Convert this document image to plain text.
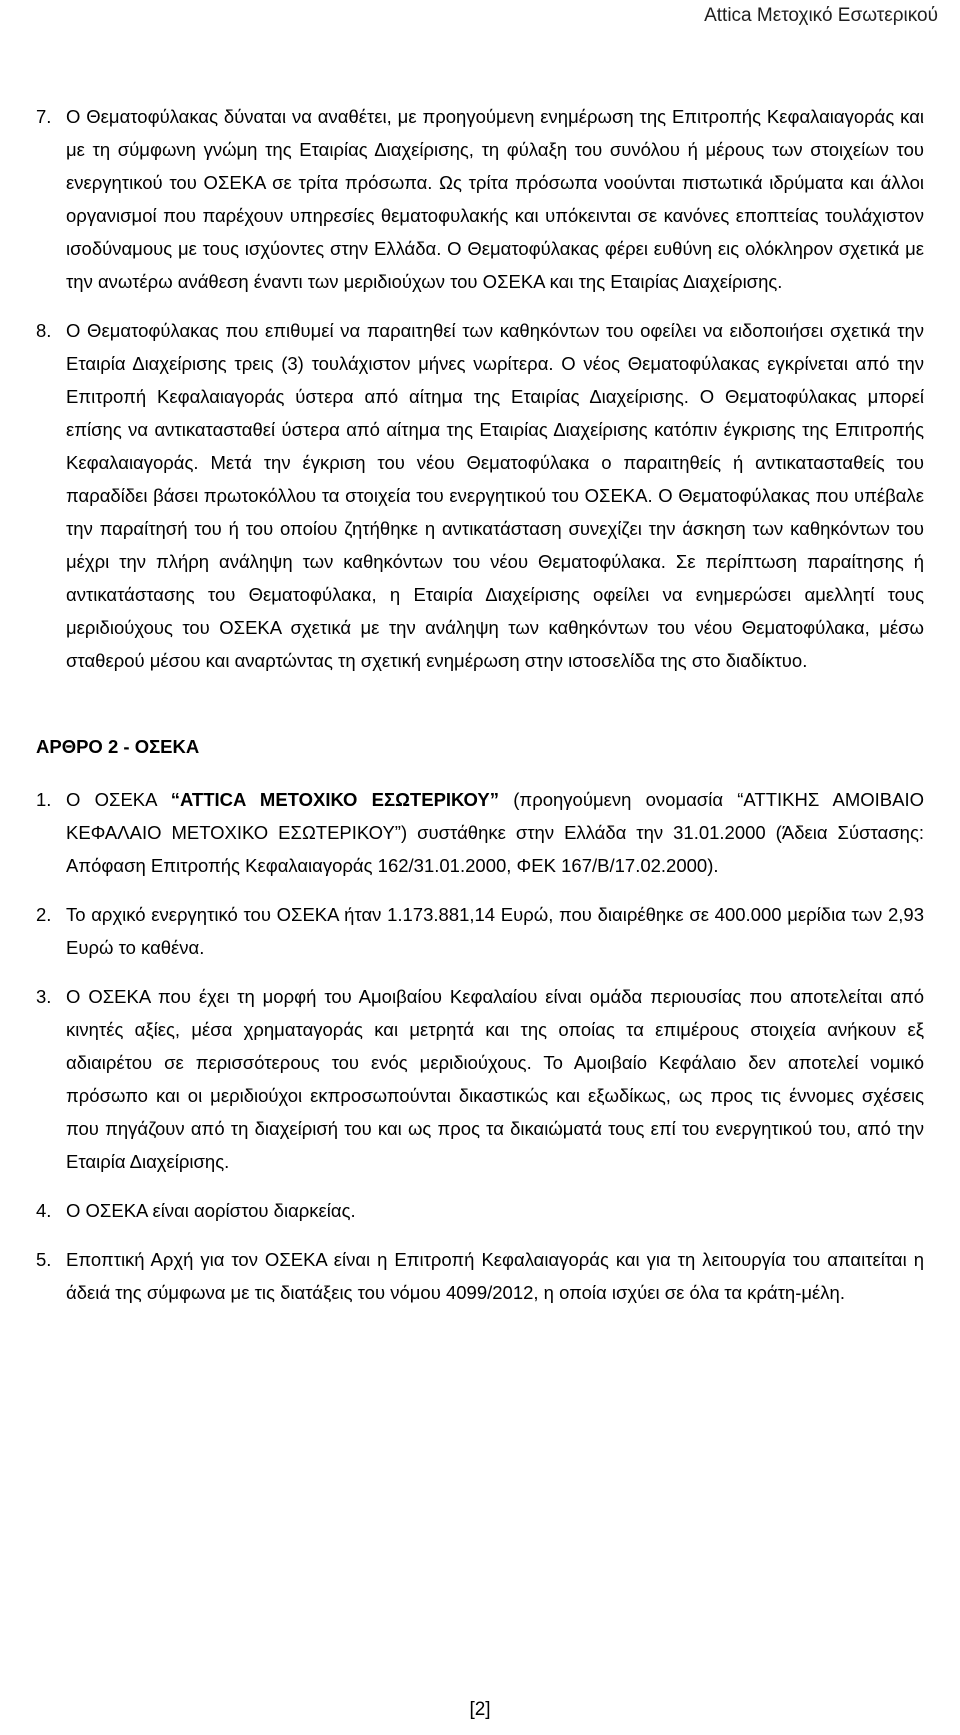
Attica Μετοχικό Εσωτερικού

7. Ο Θεματοφύλακας δύναται να αναθέτει, με προηγούμενη ενημέρωση της Επιτροπής Κεφαλαιαγοράς και με τη σύμφωνη γνώμη της Εταιρίας Διαχείρισης, τη φύλαξη του συνόλου ή μέρους των στοιχείων του ενεργητικού του ΟΣΕΚΑ σε τρίτα πρόσωπα. Ως τρίτα πρόσωπα νοούνται πιστωτικά ιδρύματα και άλλοι οργανισμοί που παρέχουν υπηρεσίες θεματοφυλακής και υπόκεινται σε κανόνες εποπτείας τουλάχιστον ισοδύναμους με τους ισχύοντες στην Ελλάδα. Ο Θεματοφύλακας φέρει ευθύνη εις ολόκληρον σχετικά με την ανωτέρω ανάθεση έναντι των μεριδιούχων του ΟΣΕΚΑ και της Εταιρίας Διαχείρισης.

8. Ο Θεματοφύλακας που επιθυμεί να παραιτηθεί των καθηκόντων του οφείλει να ειδοποιήσει σχετικά την Εταιρία Διαχείρισης τρεις (3) τουλάχιστον μήνες νωρίτερα. Ο νέος Θεματοφύλακας εγκρίνεται από την Επιτροπή Κεφαλαιαγοράς ύστερα από αίτημα της Εταιρίας Διαχείρισης. Ο Θεματοφύλακας μπορεί επίσης να αντικατασταθεί ύστερα από αίτημα της Εταιρίας Διαχείρισης κατόπιν έγκρισης της Επιτροπής Κεφαλαιαγοράς. Μετά την έγκριση του νέου Θεματοφύλακα ο παραιτηθείς ή αντικατασταθείς του παραδίδει βάσει πρωτοκόλλου τα στοιχεία του ενεργητικού του ΟΣΕΚΑ. Ο Θεματοφύλακας που υπέβαλε την παραίτησή του ή του οποίου ζητήθηκε η αντικατάσταση συνεχίζει την άσκηση των καθηκόντων του μέχρι την πλήρη ανάληψη των καθηκόντων του νέου Θεματοφύλακα. Σε περίπτωση παραίτησης ή αντικατάστασης του Θεματοφύλακα, η Εταιρία Διαχείρισης οφείλει να ενημερώσει αμελλητί τους μεριδιούχους του ΟΣΕΚΑ σχετικά με την ανάληψη των καθηκόντων του νέου Θεματοφύλακα, μέσω σταθερού μέσου και αναρτώντας τη σχετική ενημέρωση στην ιστοσελίδα της στο διαδίκτυο.

ΑΡΘΡΟ 2 - ΟΣΕΚΑ

1. Ο ΟΣΕΚΑ “ATTICA ΜΕΤΟΧΙΚΟ ΕΣΩΤΕΡΙΚΟΥ” (προηγούμενη ονομασία “ΑΤΤΙΚΗΣ ΑΜΟΙΒΑΙΟ ΚΕΦΑΛΑΙΟ ΜΕΤΟΧΙΚΟ ΕΣΩΤΕΡΙΚΟΥ”) συστάθηκε στην Ελλάδα την 31.01.2000 (Άδεια Σύστασης: Απόφαση Επιτροπής Κεφαλαιαγοράς 162/31.01.2000, ΦΕΚ 167/Β/17.02.2000).

2. Το αρχικό ενεργητικό του ΟΣΕΚΑ ήταν 1.173.881,14 Ευρώ, που διαιρέθηκε σε 400.000 μερίδια των 2,93 Ευρώ το καθένα.

3. Ο ΟΣΕΚΑ που έχει τη μορφή του Αμοιβαίου Κεφαλαίου είναι ομάδα περιουσίας που αποτελείται από κινητές αξίες, μέσα χρηματαγοράς και μετρητά και της οποίας τα επιμέρους στοιχεία ανήκουν εξ αδιαιρέτου σε περισσότερους του ενός μεριδιούχους. Το Αμοιβαίο Κεφάλαιο δεν αποτελεί νομικό πρόσωπο και οι μεριδιούχοι εκπροσωπούνται δικαστικώς και εξωδίκως, ως προς τις έννομες σχέσεις που πηγάζουν από τη διαχείρισή του και ως προς τα δικαιώματά τους επί του ενεργητικού του, από την Εταιρία Διαχείρισης.

4. Ο ΟΣΕΚΑ είναι αορίστου διαρκείας.

5. Εποπτική Αρχή για τον ΟΣΕΚΑ είναι η Επιτροπή Κεφαλαιαγοράς και για τη λειτουργία του απαιτείται η άδειά της σύμφωνα με τις διατάξεις του νόμου 4099/2012, η οποία ισχύει σε όλα τα κράτη-μέλη.

[2]
